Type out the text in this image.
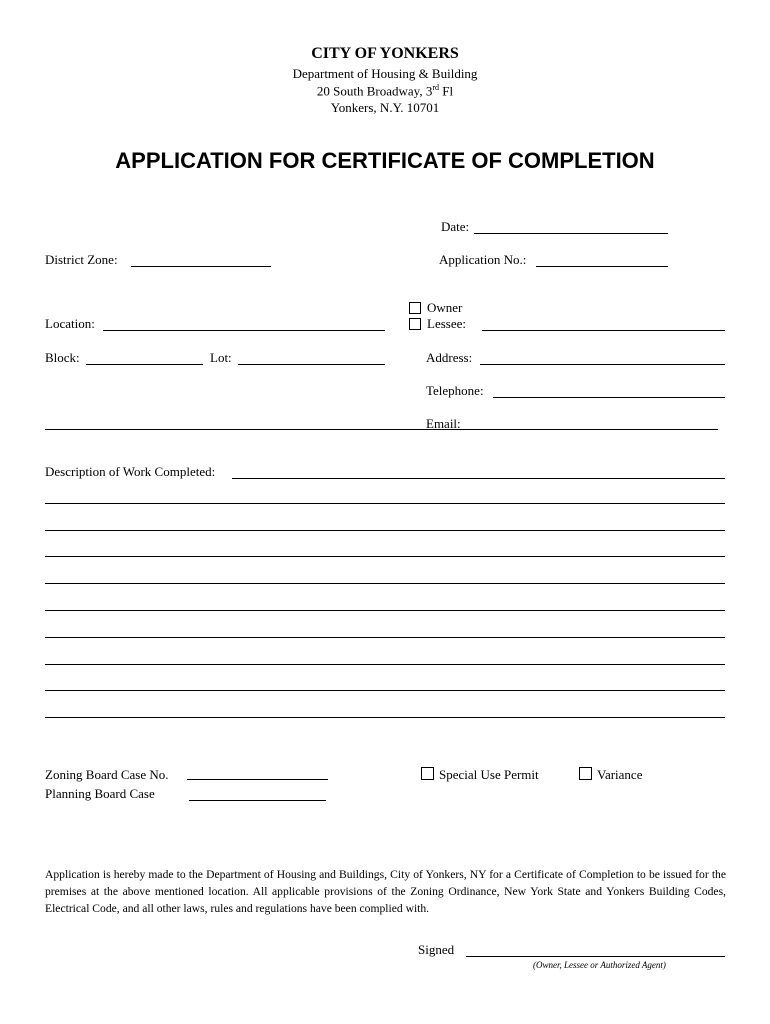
CITY OF YONKERS
Department of Housing & Building
20 South Broadway, 3rd Fl
Yonkers, N.Y. 10701
APPLICATION FOR CERTIFICATE OF COMPLETION
Date:
District Zone:	Application No.:
Owner
Lessee:
Location:
Block:	Lot:	Address:
Telephone:
Email:
Description of Work Completed:
Zoning Board Case No.
Planning Board Case
Special Use Permit	Variance
Application is hereby made to the Department of Housing and Buildings, City of Yonkers, NY for a Certificate of Completion to be issued for the premises at the above mentioned location. All applicable provisions of the Zoning Ordinance, New York State and Yonkers Building Codes, Electrical Code, and all other laws, rules and regulations have been complied with.
Signed
(Owner, Lessee or Authorized Agent)
